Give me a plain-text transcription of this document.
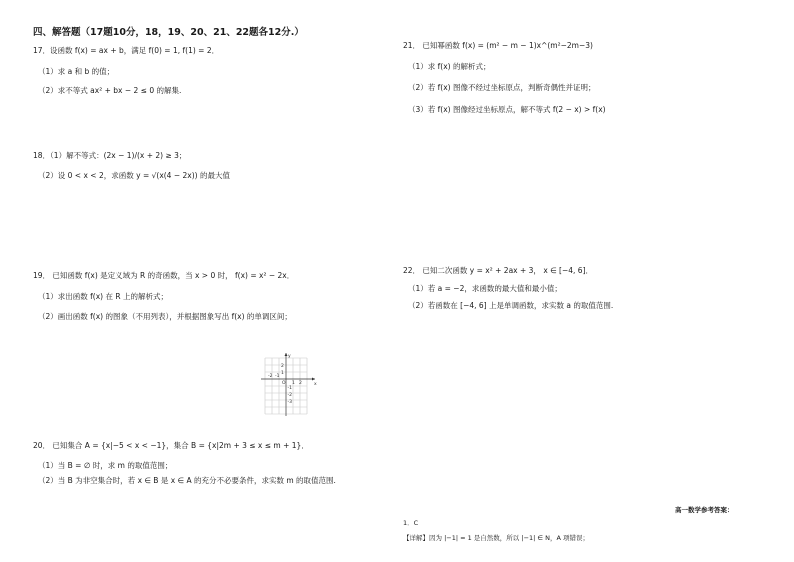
四、解答题（17题10分，18，19、20、21、22题各12分.）
17．设函数 f(x) = ax + b，满足 f(0) = 1, f(1) = 2．
（1）求 a 和 b 的值；
（2）求不等式 ax² + bx − 2 ≤ 0 的解集.
18．（1）解不等式：(2x − 1)/(x + 2) ≥ 3；
（2）设 0 < x < 2，求函数 y = √(x(4 − 2x)) 的最大值
19． 已知函数 f(x) 是定义域为 R 的奇函数，当 x > 0 时， f(x) = x² − 2x．
（1）求出函数 f(x) 在 R 上的解析式；
（2）画出函数 f(x) 的图象（不用列表），并根据图象写出 f(x) 的单调区间；
y
x
O
-2 -1
1 2
2
1
-1
-2
-3
20． 已知集合 A = {x|−5 < x < −1}，集合 B = {x|2m + 3 ≤ x ≤ m + 1}．
（1）当 B = ∅ 时，求 m 的取值范围；
（2）当 B 为非空集合时，若 x ∈ B 是 x ∈ A 的充分不必要条件，求实数 m 的取值范围.
21． 已知幂函数 f(x) = (m² − m − 1)x^(m²−2m−3)
（1）求 f(x) 的解析式；
（2）若 f(x) 图像不经过坐标原点，判断奇偶性并证明；
（3）若 f(x) 图像经过坐标原点，解不等式 f(2 − x) > f(x)
22． 已知二次函数 y = x² + 2ax + 3， x ∈ [−4, 6]．
（1）若 a = −2，求函数的最大值和最小值；
（2）若函数在 [−4, 6] 上是单调函数，求实数 a 的取值范围.
高一数学参考答案：
1．C
【详解】因为 |−1| = 1 是自然数，所以 |−1| ∈ N，A 项错误；
